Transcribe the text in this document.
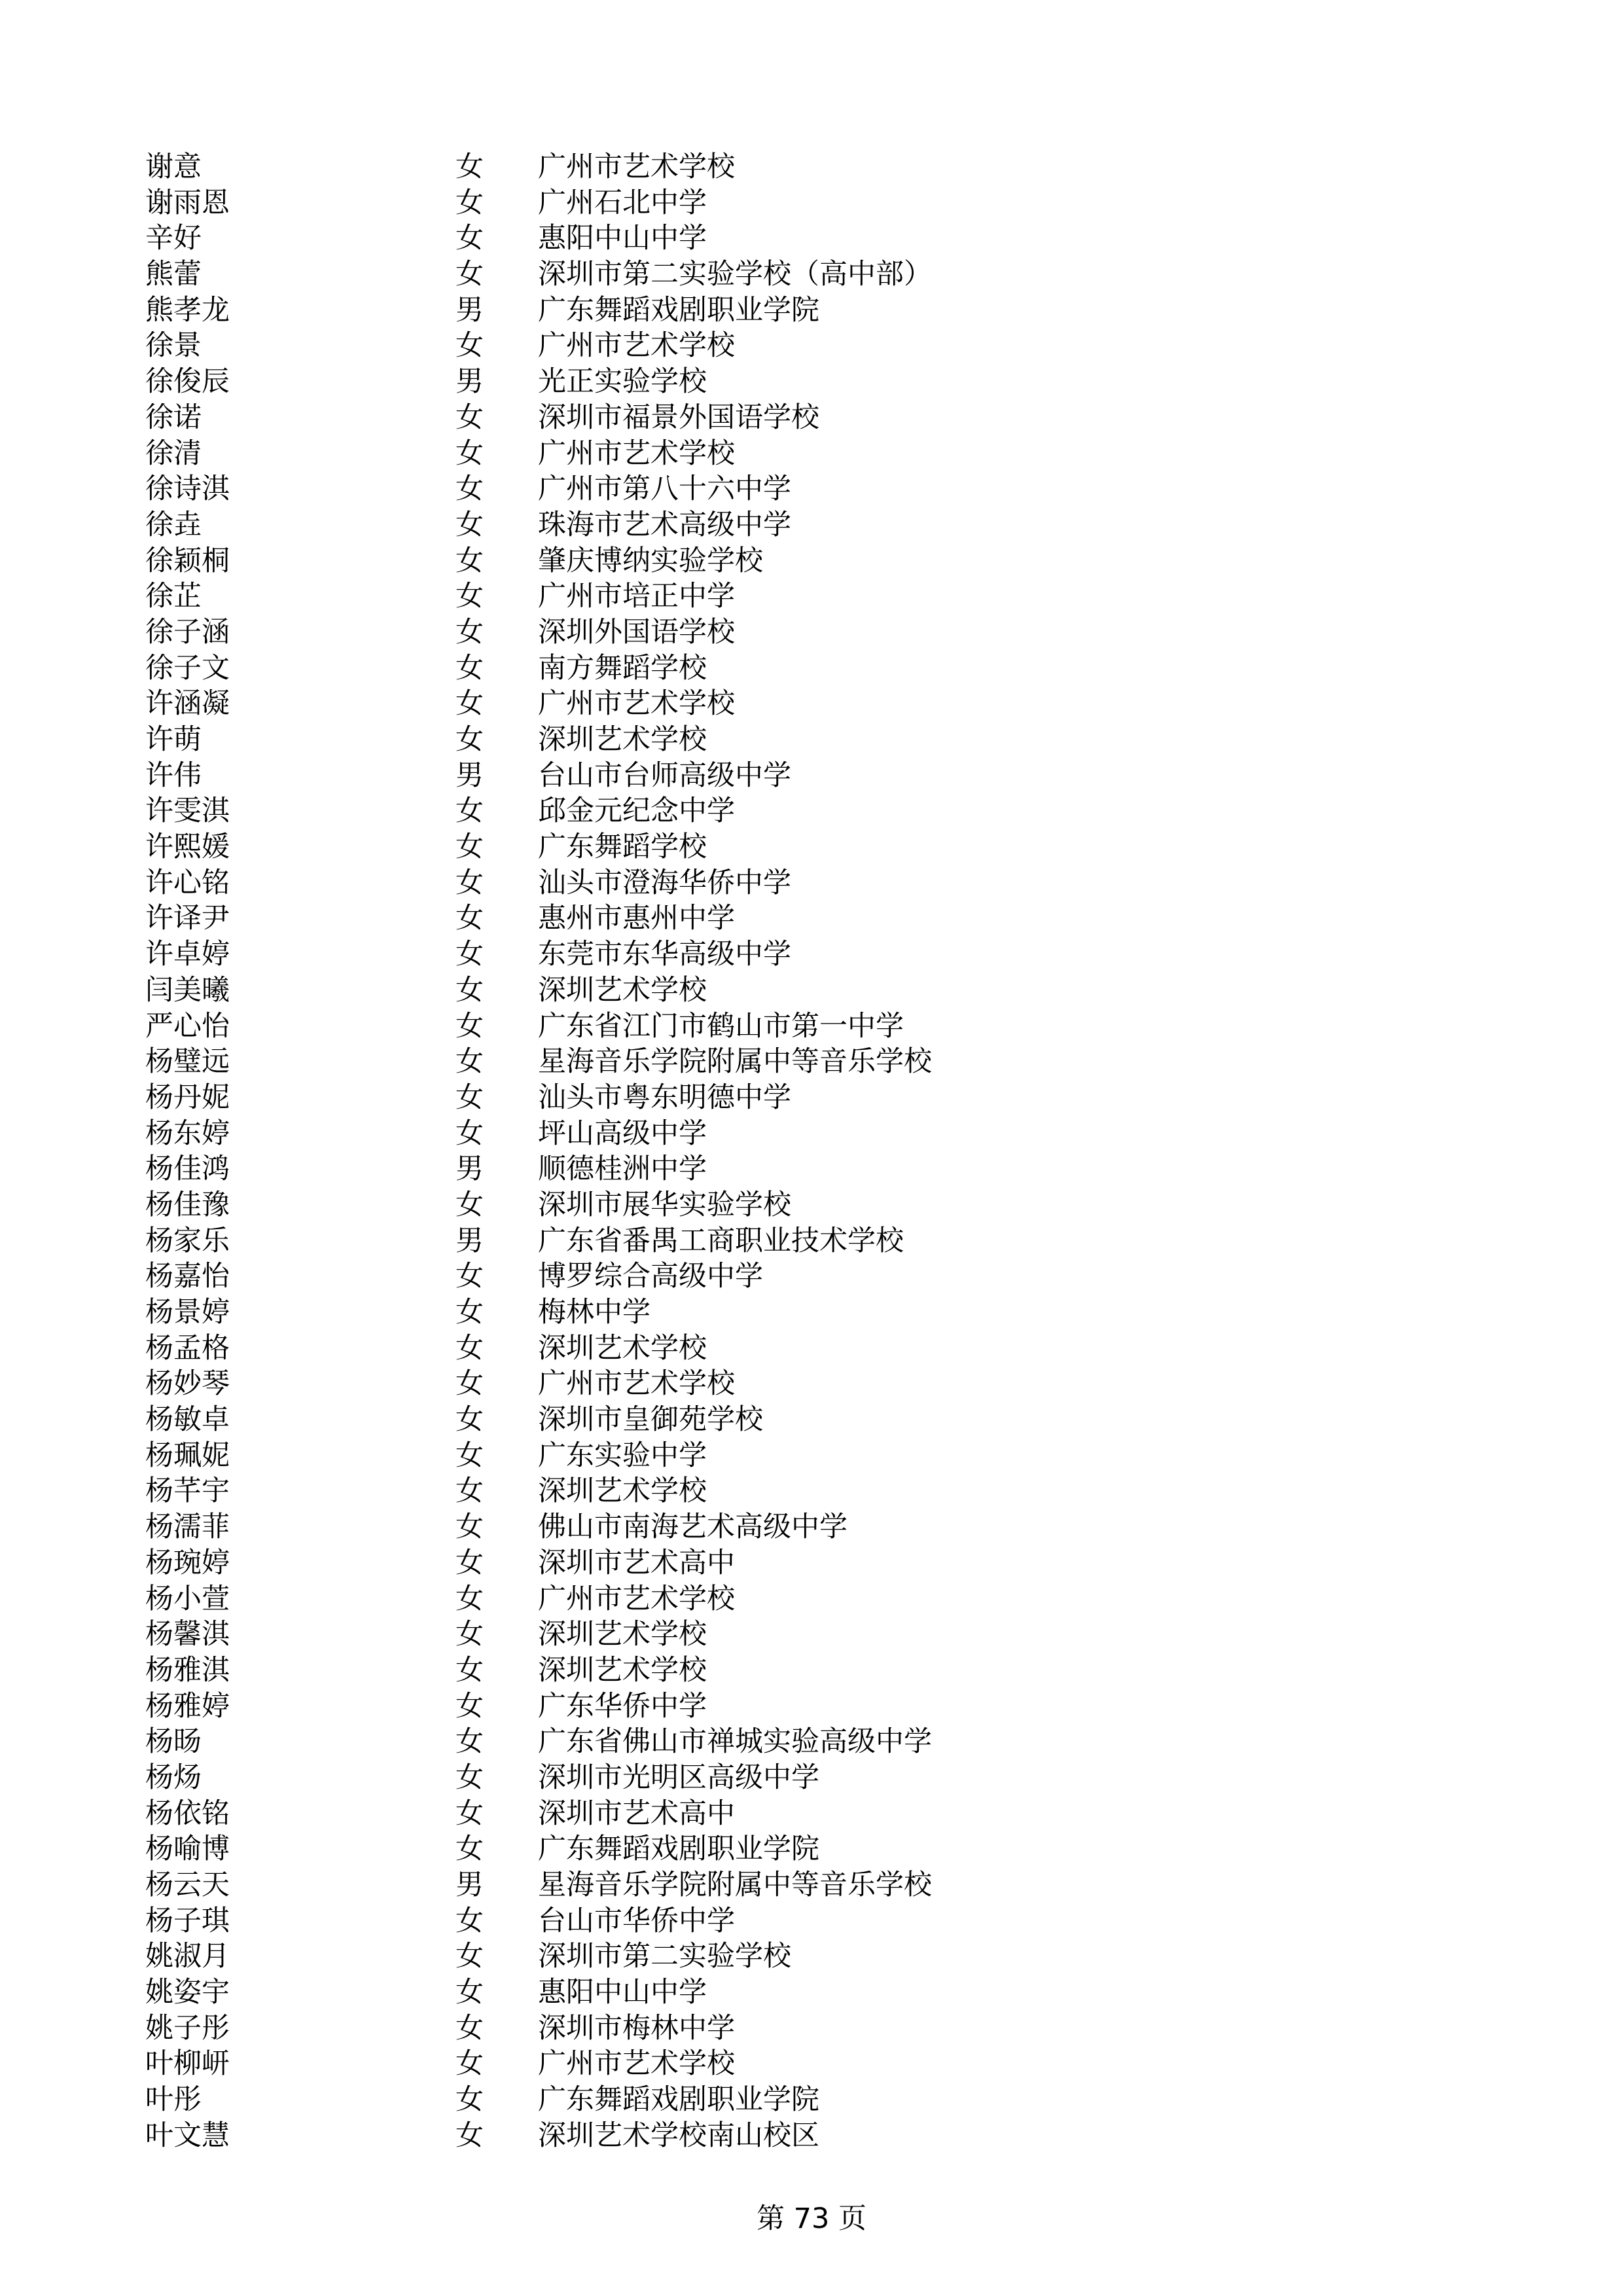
谢意	女 广州市艺术学校
谢雨恩	女 广州石北中学
辛好	女 惠阳中山中学
熊蕾	女 深圳市第二实验学校（高中部）
熊孝龙	男 广东舞蹈戏剧职业学院
徐景	女 广州市艺术学校
徐俊辰	男 光正实验学校
徐诺	女 深圳市福景外国语学校
徐清	女 广州市艺术学校
徐诗淇	女 广州市第八十六中学
徐垚	女 珠海市艺术高级中学
徐颖桐	女 肇庆博纳实验学校
徐芷	女 广州市培正中学
徐子涵	女 深圳外国语学校
徐子文	女 南方舞蹈学校
许涵凝	女 广州市艺术学校
许萌	女 深圳艺术学校
许伟	男 台山市台师高级中学
许雯淇	女 邱金元纪念中学
许熙媛	女 广东舞蹈学校
许心铭	女 汕头市澄海华侨中学
许译尹	女 惠州市惠州中学
许卓婷	女 东莞市东华高级中学
闫美曦	女 深圳艺术学校
严心怡	女 广东省江门市鹤山市第一中学
杨璧远	女 星海音乐学院附属中等音乐学校
杨丹妮	女 汕头市粤东明德中学
杨东婷	女 坪山高级中学
杨佳鸿	男 顺德桂洲中学
杨佳豫	女 深圳市展华实验学校
杨家乐	男 广东省番禺工商职业技术学校
杨嘉怡	女 博罗综合高级中学
杨景婷	女 梅林中学
杨孟格	女 深圳艺术学校
杨妙琴	女 广州市艺术学校
杨敏卓	女 深圳市皇御苑学校
杨珮妮	女 广东实验中学
杨芊宇	女 深圳艺术学校
杨濡菲	女 佛山市南海艺术高级中学
杨琬婷	女 深圳市艺术高中
杨小萱	女 广州市艺术学校
杨馨淇	女 深圳艺术学校
杨雅淇	女 深圳艺术学校
杨雅婷	女 广东华侨中学
杨旸	女 广东省佛山市禅城实验高级中学
杨炀	女 深圳市光明区高级中学
杨依铭	女 深圳市艺术高中
杨喻博	女 广东舞蹈戏剧职业学院
杨云天	男 星海音乐学院附属中等音乐学校
杨子琪	女 台山市华侨中学
姚淑月	女 深圳市第二实验学校
姚姿宇	女 惠阳中山中学
姚子彤	女 深圳市梅林中学
叶柳岍	女 广州市艺术学校
叶彤	女 广东舞蹈戏剧职业学院
叶文慧	女 深圳艺术学校南山校区
第 73 页
